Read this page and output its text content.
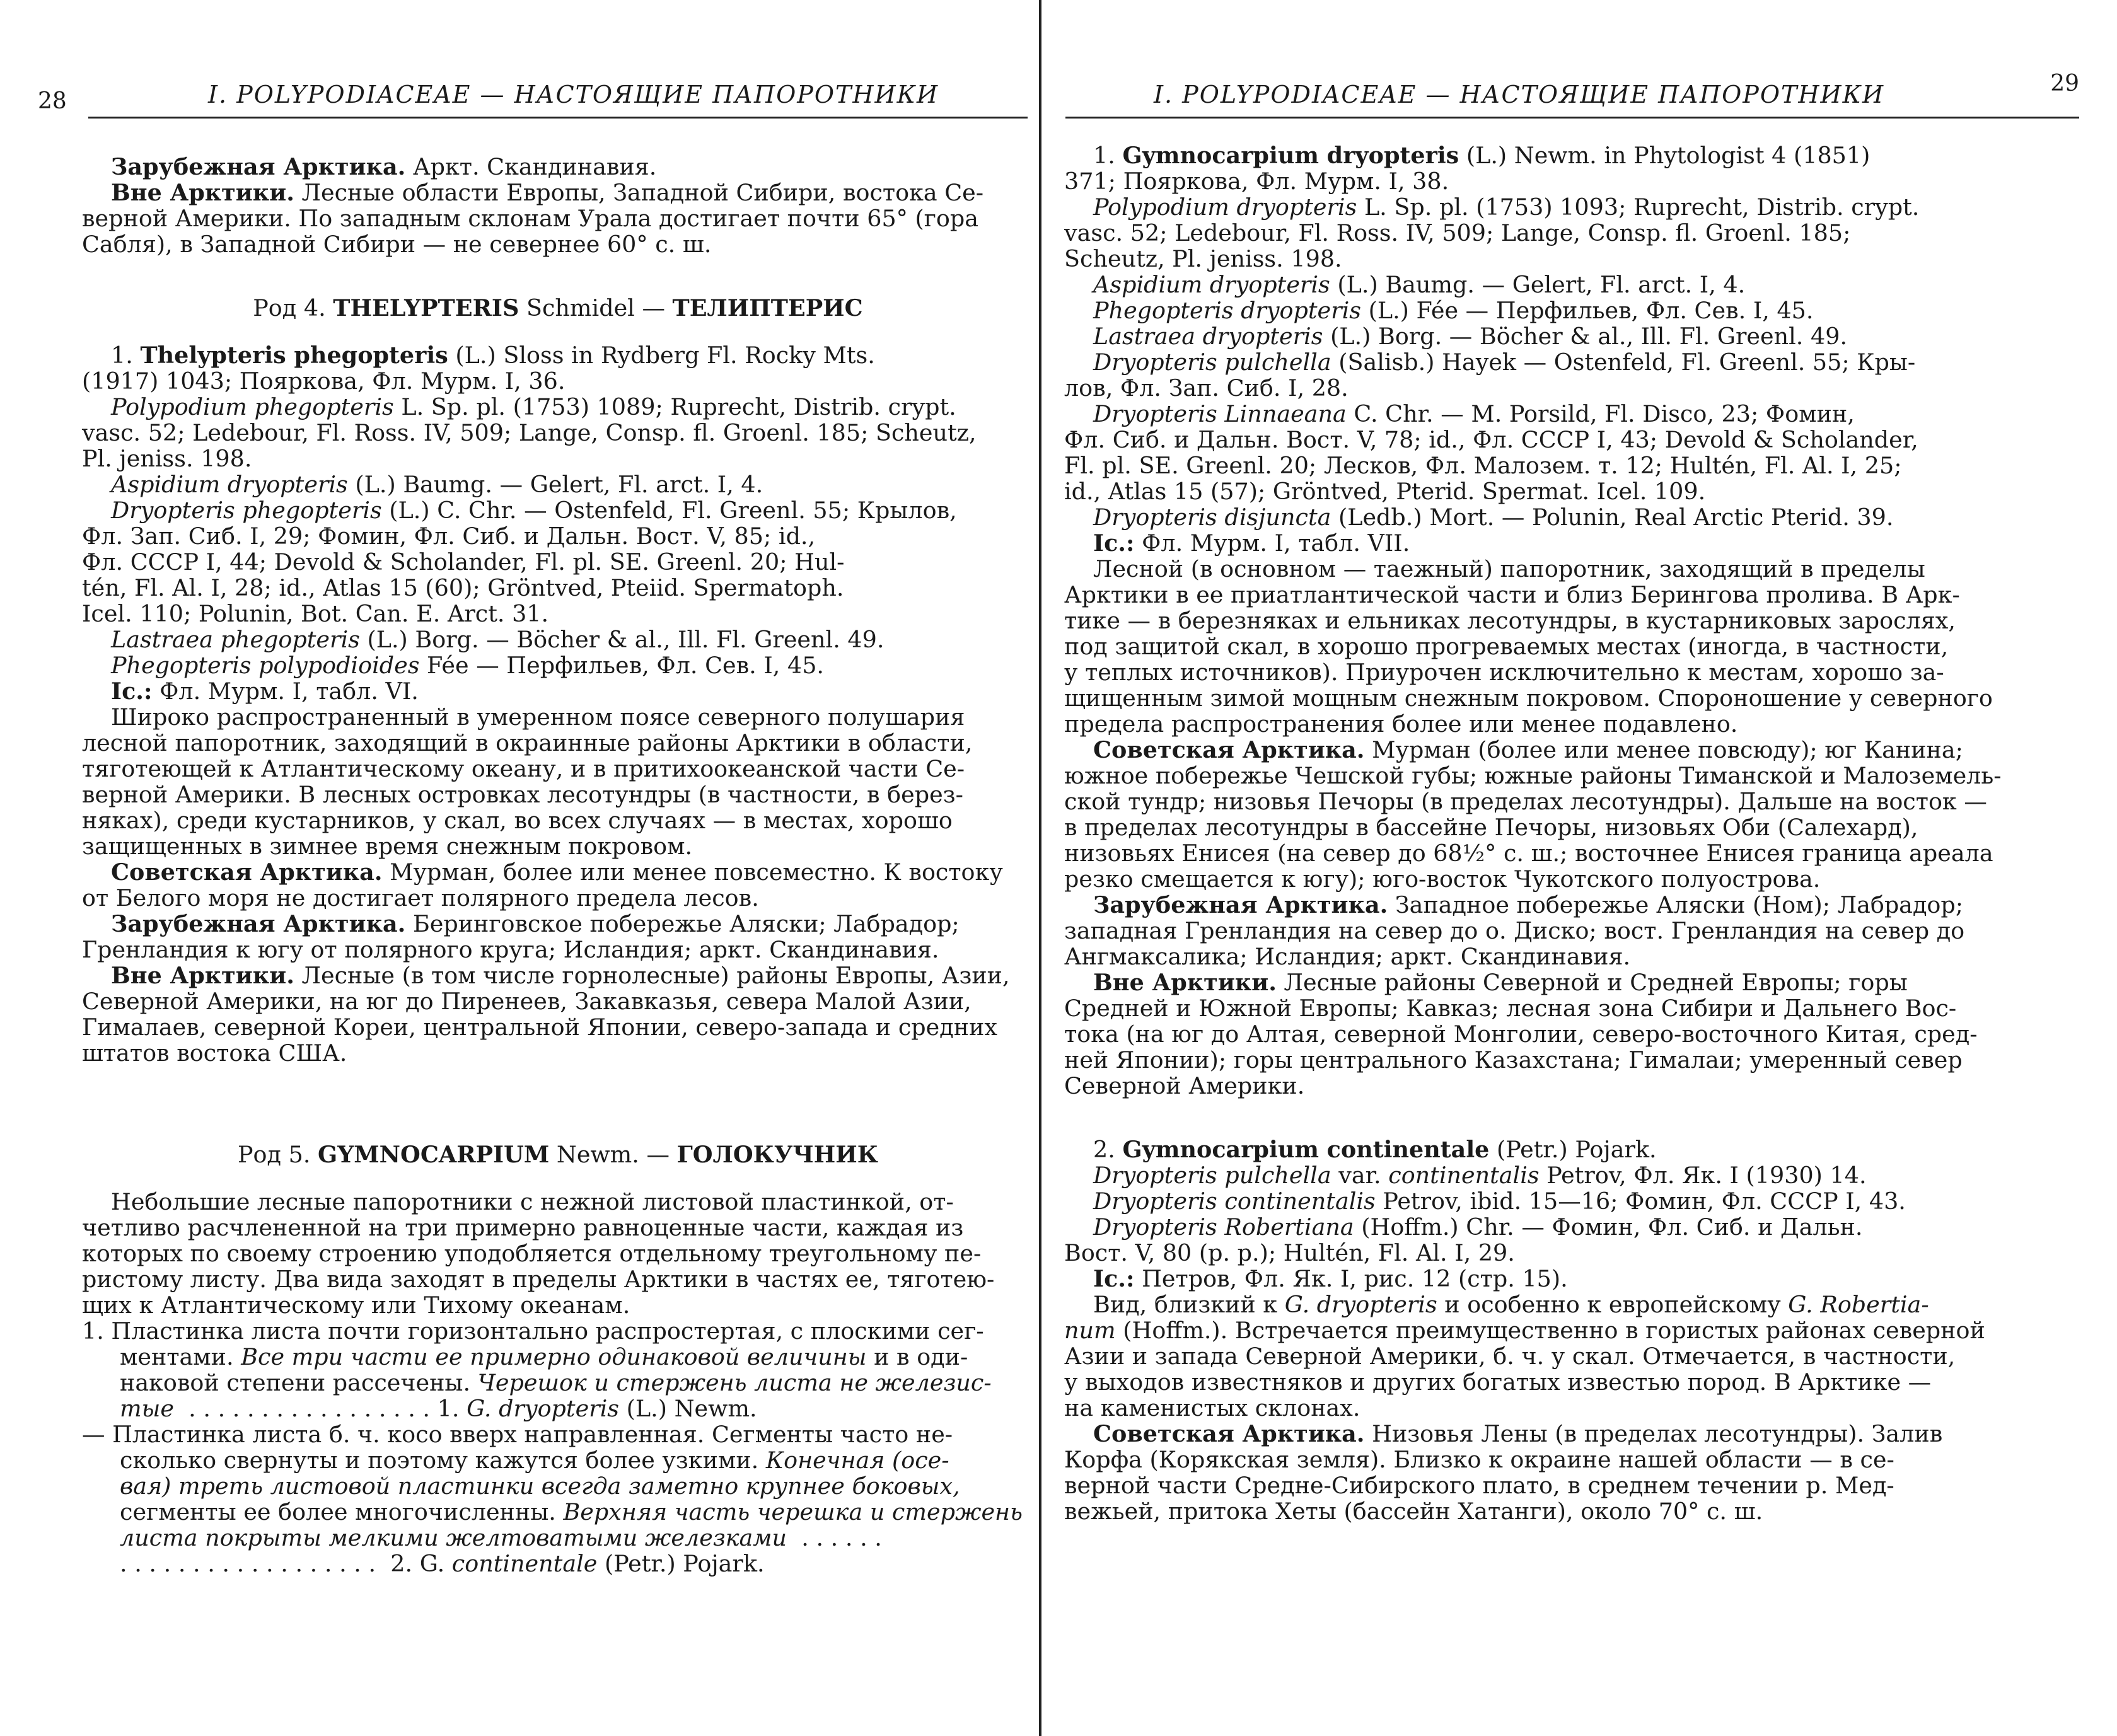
28	I. POLYPODIACEAE — НАСТОЯЩИЕ ПАПОРОТНИКИ
Зарубежная Арктика. Аркт. Скандинавия.
Вне Арктики. Лесные области Европы, Западной Сибири, востока Се-
верной Америки. По западным склонам Урала достигает почти 65° (гора
Сабля), в Западной Сибири — не севернее 60° с. ш.
Род 4. THELYPTERIS Schmidel — ТЕЛИПТЕРИС
1. Thelypteris phegopteris (L.) Sloss in Rydberg Fl. Rocky Mts.
(1917) 1043; Пояркова, Фл. Мурм. I, 36.
Polypodium phegopteris L. Sp. pl. (1753) 1089; Ruprecht, Distrib. crypt.
vasc. 52; Ledebour, Fl. Ross. IV, 509; Lange, Consp. fl. Groenl. 185; Scheutz,
Pl. jeniss. 198.
Aspidium dryopteris (L.) Baumg. — Gelert, Fl. arct. I, 4.
Dryopteris phegopteris (L.) C. Chr. — Ostenfeld, Fl. Greenl. 55; Крылов,
Фл. Зап. Сиб. I, 29; Фомин, Фл. Сиб. и Дальн. Вост. V, 85; id.,
Фл. СССР I, 44; Devold & Scholander, Fl. pl. SE. Greenl. 20; Hul-
tén, Fl. Al. I, 28; id., Atlas 15 (60); Gröntved, Pteiid. Spermatoph.
Icel. 110; Polunin, Bot. Can. E. Arct. 31.
Lastraea phegopteris (L.) Borg. — Böcher & al., Ill. Fl. Greenl. 49.
Phegopteris polypodioides Fée — Перфильев, Фл. Сев. I, 45.
Ic.: Фл. Мурм. I, табл. VI.
Широко распространенный в умеренном поясе северного полушария
лесной папоротник, заходящий в окраинные районы Арктики в области,
тяготеющей к Атлантическому океану, и в притихоокеанской части Се-
верной Америки. В лесных островках лесотундры (в частности, в берез-
няках), среди кустарников, у скал, во всех случаях — в местах, хорошо
защищенных в зимнее время снежным покровом.
Советская Арктика. Мурман, более или менее повсеместно. К востоку
от Белого моря не достигает полярного предела лесов.
Зарубежная Арктика. Беринговское побережье Аляски; Лабрадор;
Гренландия к югу от полярного круга; Исландия; аркт. Скандинавия.
Вне Арктики. Лесные (в том числе горнолесные) районы Европы, Азии,
Северной Америки, на юг до Пиренеев, Закавказья, севера Малой Азии,
Гималаев, северной Кореи, центральной Японии, северо-запада и средних
штатов востока США.
Род 5. GYMNOCARPIUM Newm. — ГОЛОКУЧНИК
Небольшие лесные папоротники с нежной листовой пластинкой, от-
четливо расчлененной на три примерно равноценные части, каждая из
которых по своему строению уподобляется отдельному треугольному пе-
ристому листу. Два вида заходят в пределы Арктики в частях ее, тяготею-
щих к Атлантическому или Тихому океанам.
1. Пластинка листа почти горизонтально распростертая, с плоскими сег-
ментами. Все три части ее примерно одинаковой величины и в оди-
наковой степени рассечены. Черешок и стержень листа не железис-
тые  . . . . . . . . . . . . . . . . . 1. G. dryopteris (L.) Newm.
— Пластинка листа б. ч. косо вверх направленная. Сегменты часто не-
сколько свернуты и поэтому кажутся более узкими. Конечная (осе-
вая) треть листовой пластинки всегда заметно крупнее боковых,
сегменты ее более многочисленны. Верхняя часть черешка и стержень
листа покрыты мелкими желтоватыми железками  . . . . . .
. . . . . . . . . . . . . . . . . .  2. G. continentale (Petr.) Pojark.
I. POLYPODIACEAE — НАСТОЯЩИЕ ПАПОРОТНИКИ	29
1. Gymnocarpium dryopteris (L.) Newm. in Phytologist 4 (1851)
371; Пояркова, Фл. Мурм. I, 38.
Polypodium dryopteris L. Sp. pl. (1753) 1093; Ruprecht, Distrib. crypt.
vasc. 52; Ledebour, Fl. Ross. IV, 509; Lange, Consp. fl. Groenl. 185;
Scheutz, Pl. jeniss. 198.
Aspidium dryopteris (L.) Baumg. — Gelert, Fl. arct. I, 4.
Phegopteris dryopteris (L.) Fée — Перфильев, Фл. Сев. I, 45.
Lastraea dryopteris (L.) Borg. — Böcher & al., Ill. Fl. Greenl. 49.
Dryopteris pulchella (Salisb.) Hayek — Ostenfeld, Fl. Greenl. 55; Кры-
лов, Фл. Зап. Сиб. I, 28.
Dryopteris Linnaeana C. Chr. — M. Porsild, Fl. Disco, 23; Фомин,
Фл. Сиб. и Дальн. Вост. V, 78; id., Фл. СССР I, 43; Devold & Scholander,
Fl. pl. SE. Greenl. 20; Лесков, Фл. Малозем. т. 12; Hultén, Fl. Al. I, 25;
id., Atlas 15 (57); Gröntved, Pterid. Spermat. Icel. 109.
Dryopteris disjuncta (Ledb.) Mort. — Polunin, Real Arctic Pterid. 39.
Ic.: Фл. Мурм. I, табл. VII.
Лесной (в основном — таежный) папоротник, заходящий в пределы
Арктики в ее приатлантической части и близ Берингова пролива. В Арк-
тике — в березняках и ельниках лесотундры, в кустарниковых зарослях,
под защитой скал, в хорошо прогреваемых местах (иногда, в частности,
у теплых источников). Приурочен исключительно к местам, хорошо за-
щищенным зимой мощным снежным покровом. Спороношение у северного
предела распространения более или менее подавлено.
Советская Арктика. Мурман (более или менее повсюду); юг Канина;
южное побережье Чешской губы; южные районы Тиманской и Малоземель-
ской тундр; низовья Печоры (в пределах лесотундры). Дальше на восток —
в пределах лесотундры в бассейне Печоры, низовьях Оби (Салехард),
низовьях Енисея (на север до 68½° с. ш.; восточнее Енисея граница ареала
резко смещается к югу); юго-восток Чукотского полуострова.
Зарубежная Арктика. Западное побережье Аляски (Ном); Лабрадор;
западная Гренландия на север до о. Диско; вост. Гренландия на север до
Ангмаксалика; Исландия; аркт. Скандинавия.
Вне Арктики. Лесные районы Северной и Средней Европы; горы
Средней и Южной Европы; Кавказ; лесная зона Сибири и Дальнего Вос-
тока (на юг до Алтая, северной Монголии, северо-восточного Китая, сред-
ней Японии); горы центрального Казахстана; Гималаи; умеренный север
Северной Америки.
2. Gymnocarpium continentale (Petr.) Pojark.
Dryopteris pulchella var. continentalis Petrov, Фл. Як. I (1930) 14.
Dryopteris continentalis Petrov, ibid. 15—16; Фомин, Фл. СССР I, 43.
Dryopteris Robertiana (Hoffm.) Chr. — Фомин, Фл. Сиб. и Дальн.
Вост. V, 80 (p. p.); Hultén, Fl. Al. I, 29.
Ic.: Петров, Фл. Як. I, рис. 12 (стр. 15).
Вид, близкий к G. dryopteris и особенно к европейскому G. Robertia-
num (Hoffm.). Встречается преимущественно в гористых районах северной
Азии и запада Северной Америки, б. ч. у скал. Отмечается, в частности,
у выходов известняков и других богатых известью пород. В Арктике —
на каменистых склонах.
Советская Арктика. Низовья Лены (в пределах лесотундры). Залив
Корфа (Корякская земля). Близко к окраине нашей области — в се-
верной части Средне-Сибирского плато, в среднем течении р. Мед-
вежьей, притока Хеты (бассейн Хатанги), около 70° с. ш.
